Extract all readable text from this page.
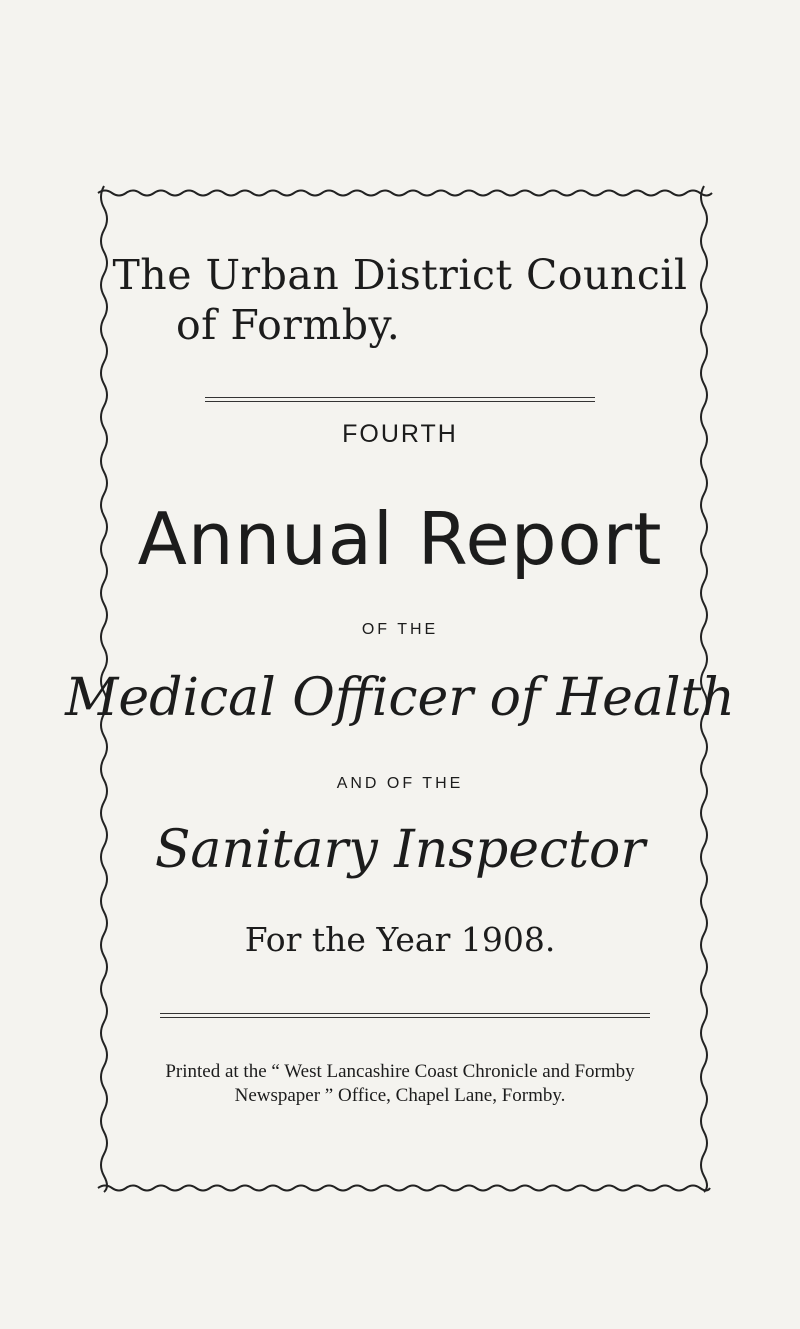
The Urban District Council
of Formby.
FOURTH
Annual Report
OF THE
Medical Officer of Health
AND OF THE
Sanitary Inspector
For the Year 1908.
Printed at the “ West Lancashire Coast Chronicle and Formby
Newspaper ” Office, Chapel Lane, Formby.
